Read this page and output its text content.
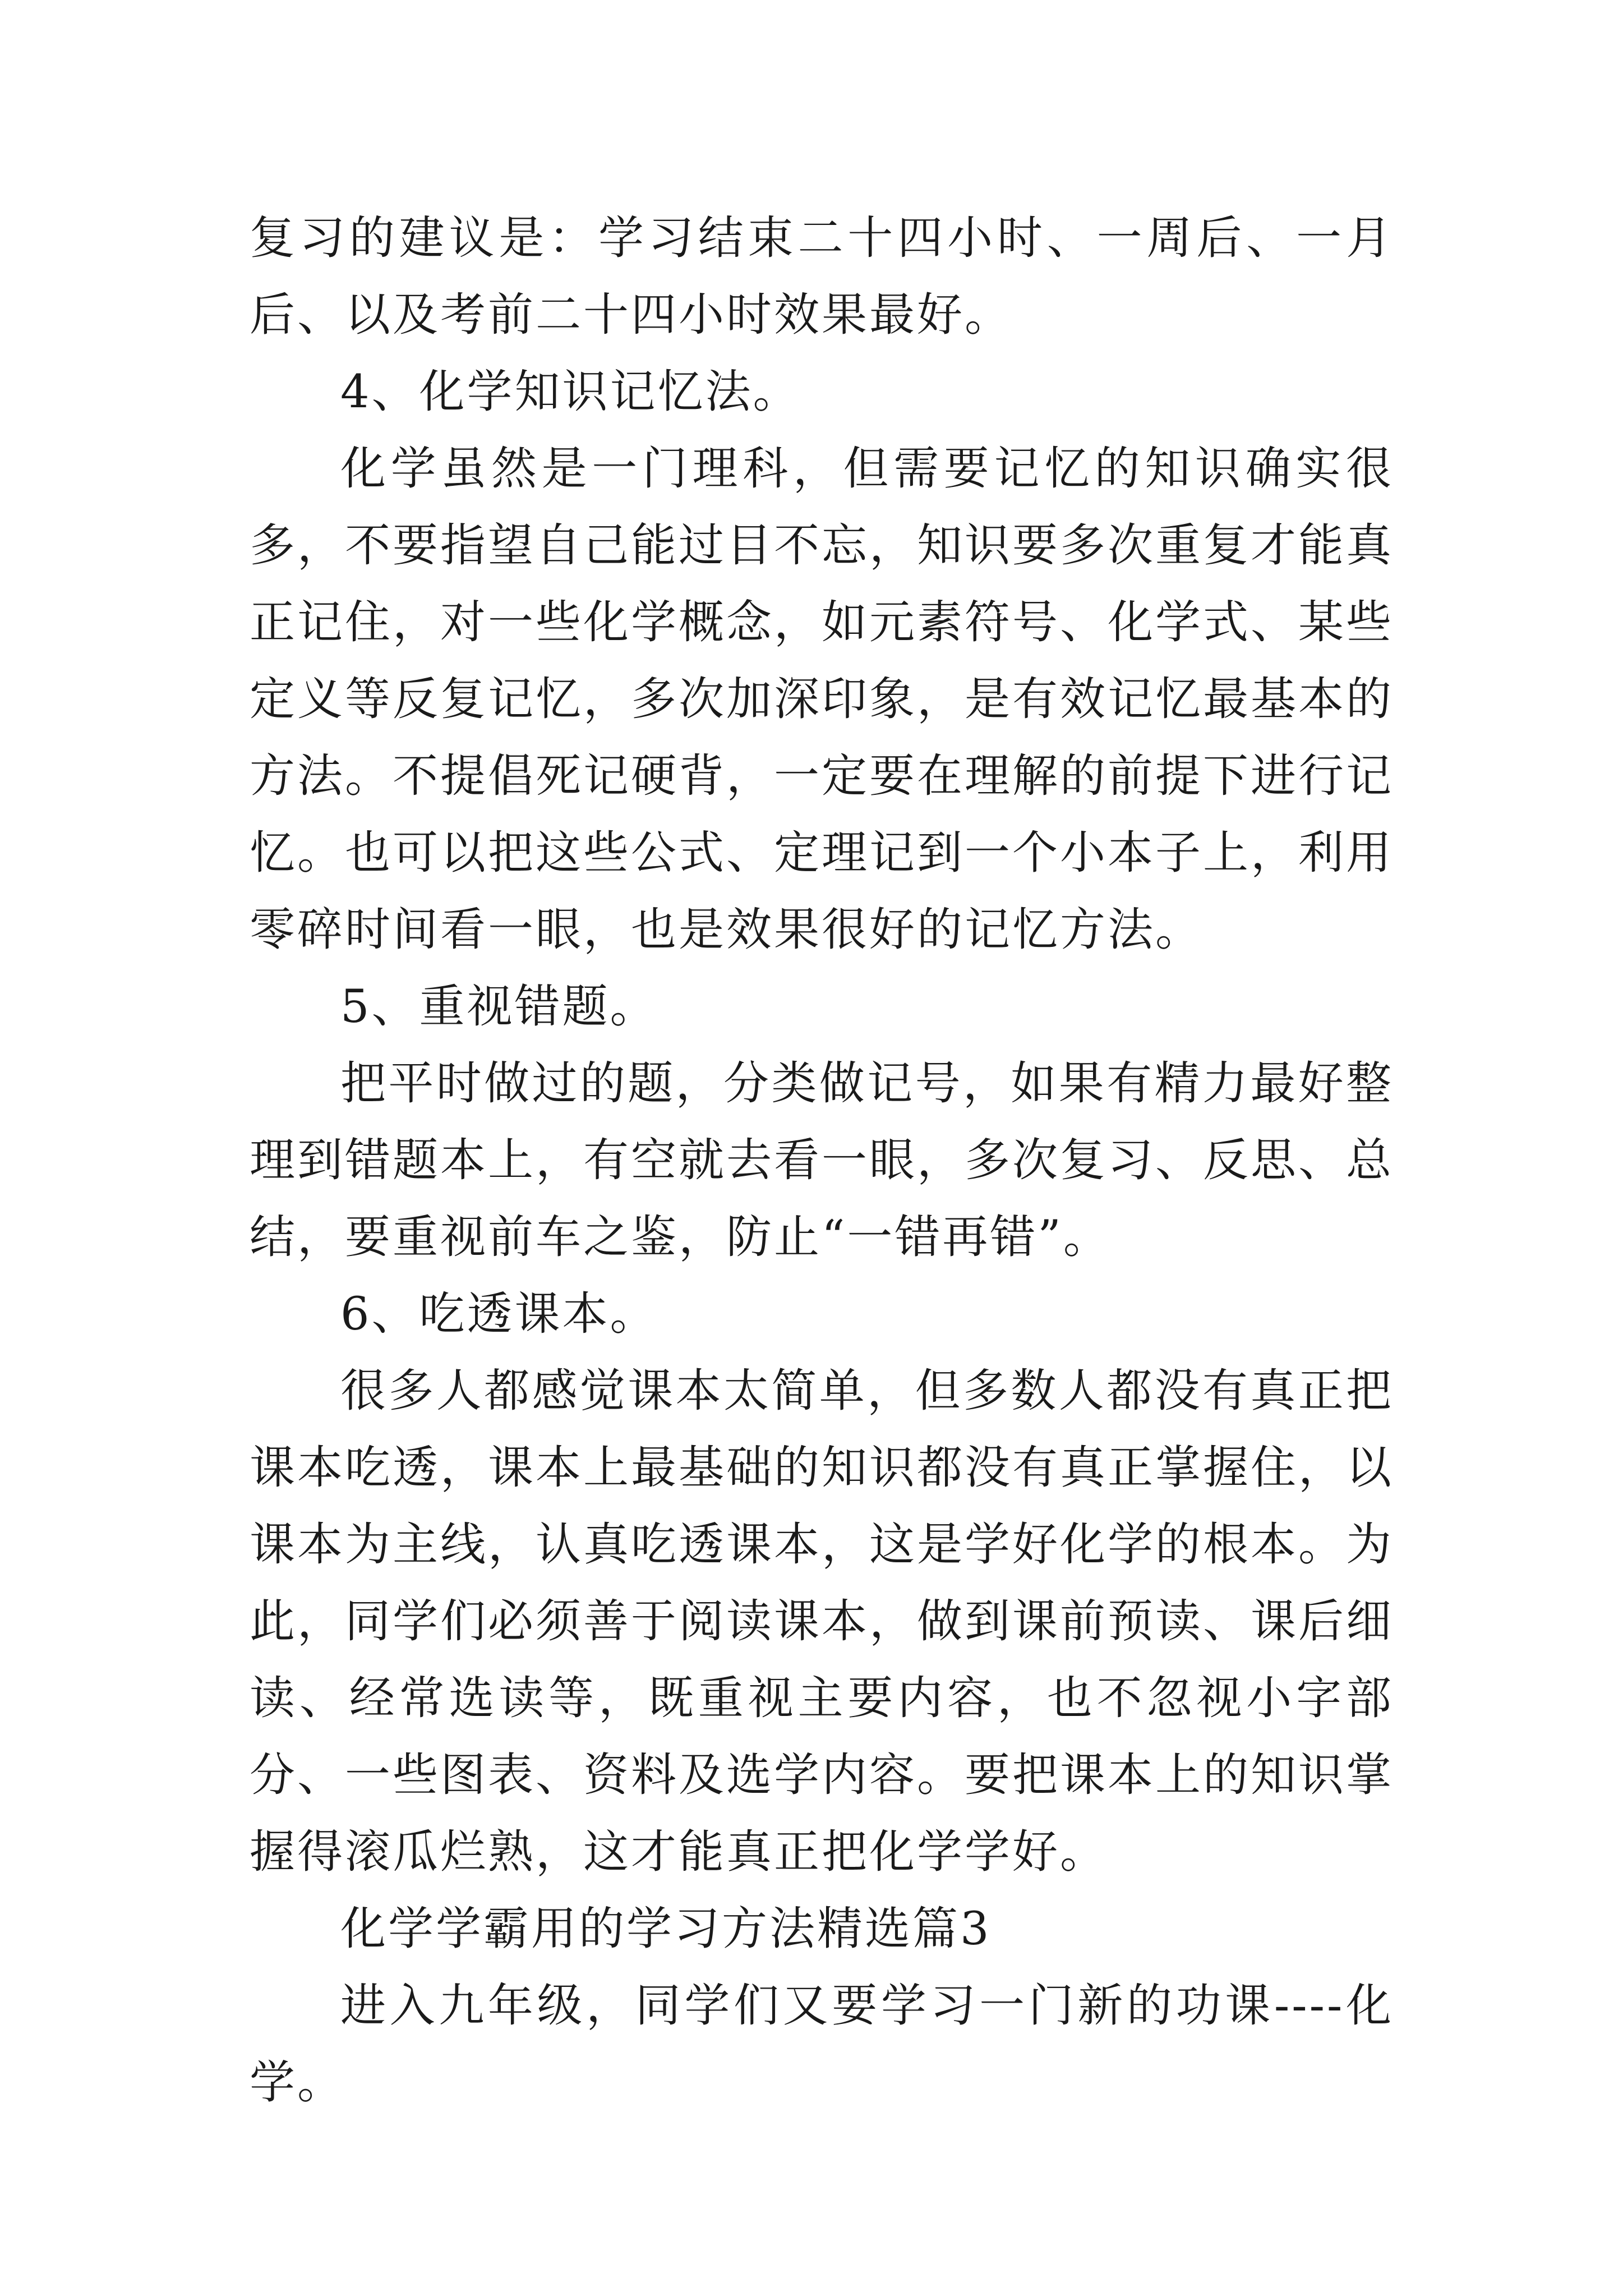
复习的建议是：学习结束二十四小时、一周后、一月后、以及考前二十四小时效果最好。

4、化学知识记忆法。

化学虽然是一门理科，但需要记忆的知识确实很多，不要指望自己能过目不忘，知识要多次重复才能真正记住，对一些化学概念，如元素符号、化学式、某些定义等反复记忆，多次加深印象，是有效记忆最基本的方法。不提倡死记硬背，一定要在理解的前提下进行记忆。也可以把这些公式、定理记到一个小本子上，利用零碎时间看一眼，也是效果很好的记忆方法。

5、重视错题。

把平时做过的题，分类做记号，如果有精力最好整理到错题本上，有空就去看一眼，多次复习、反思、总结，要重视前车之鉴，防止“一错再错”。

6、吃透课本。

很多人都感觉课本太简单，但多数人都没有真正把课本吃透，课本上最基础的知识都没有真正掌握住，以课本为主线，认真吃透课本，这是学好化学的根本。为此，同学们必须善于阅读课本，做到课前预读、课后细读、经常选读等，既重视主要内容，也不忽视小字部分、一些图表、资料及选学内容。要把课本上的知识掌握得滚瓜烂熟，这才能真正把化学学好。

化学学霸用的学习方法精选篇3

进入九年级，同学们又要学习一门新的功课----化学。
